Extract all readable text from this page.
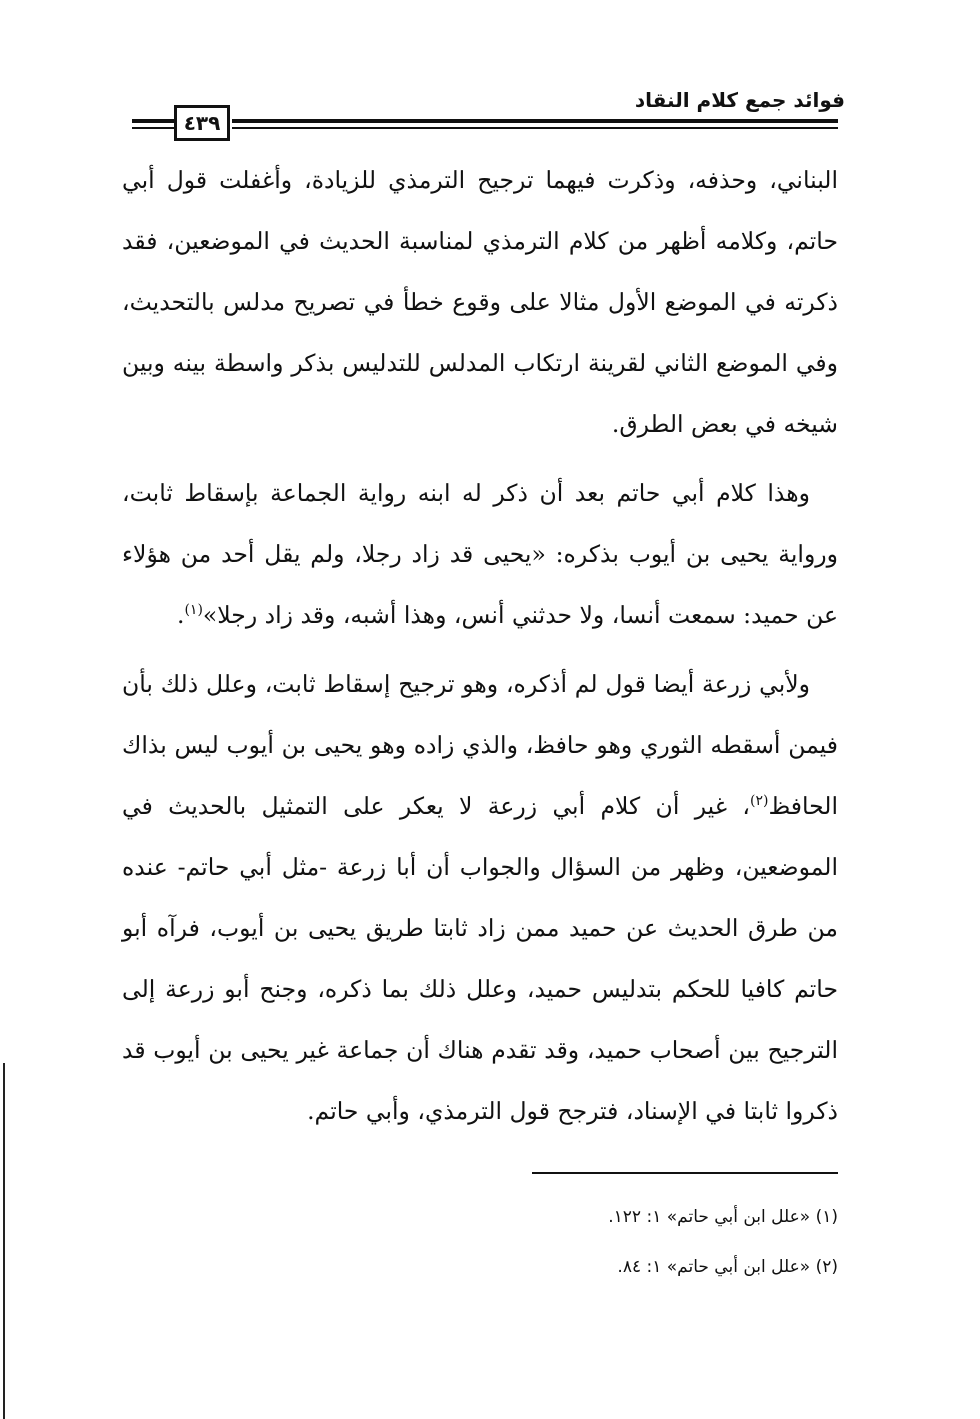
فوائد جمع كلام النقاد
٤٣٩

البناني، وحذفه، وذكرت فيهما ترجيح الترمذي للزيادة، وأغفلت قول أبي حاتم، وكلامه أظهر من كلام الترمذي لمناسبة الحديث في الموضعين، فقد ذكرته في الموضع الأول مثالا على وقوع خطأ في تصريح مدلس بالتحديث، وفي الموضع الثاني لقرينة ارتكاب المدلس للتدليس بذكر واسطة بينه وبين شيخه في بعض الطرق.

وهذا كلام أبي حاتم بعد أن ذكر له ابنه رواية الجماعة بإسقاط ثابت، ورواية يحيى بن أيوب بذكره: «يحيى قد زاد رجلا، ولم يقل أحد من هؤلاء عن حميد: سمعت أنسا، ولا حدثني أنس، وهذا أشبه، وقد زاد رجلا»$^{(١)}$.

ولأبي زرعة أيضا قول لم أذكره، وهو ترجيح إسقاط ثابت، وعلل ذلك بأن فيمن أسقطه الثوري وهو حافظ، والذي زاده وهو يحيى بن أيوب ليس بذاك الحافظ$^{(٢)}$، غير أن كلام أبي زرعة لا يعكر على التمثيل بالحديث في الموضعين، وظهر من السؤال والجواب أن أبا زرعة -مثل أبي حاتم- عنده من طرق الحديث عن حميد ممن زاد ثابتا طريق يحيى بن أيوب، فرآه أبو حاتم كافيا للحكم بتدليس حميد، وعلل ذلك بما ذكره، وجنح أبو زرعة إلى الترجيح بين أصحاب حميد، وقد تقدم هناك أن جماعة غير يحيى بن أيوب قد ذكروا ثابتا في الإسناد، فترجح قول الترمذي، وأبي حاتم.

(١) «علل ابن أبي حاتم» ١: ١٢٢.
(٢) «علل ابن أبي حاتم» ١: ٨٤.
